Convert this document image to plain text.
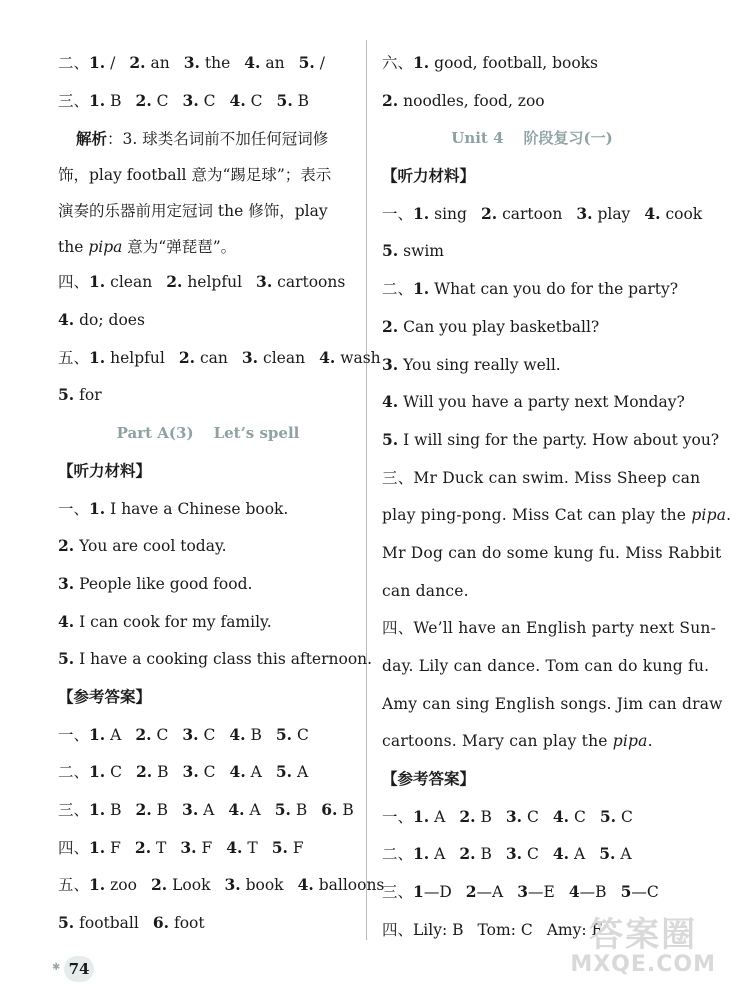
二、1. / 2. an 3. the 4. an 5. /
三、1. B 2. C 3. C 4. C 5. B
解析：3. 球类名词前不加任何冠词修
饰，play football 意为“踢足球”；表示
演奏的乐器前用定冠词 the 修饰，play
the pipa 意为“弹琵琶”。
四、1. clean 2. helpful 3. cartoons
4. do; does
五、1. helpful 2. can 3. clean 4. wash
5. for
Part A(3) Let’s spell
【听力材料】
一、1. I have a Chinese book.
2. You are cool today.
3. People like good food.
4. I can cook for my family.
5. I have a cooking class this afternoon.
【参考答案】
一、1. A 2. C 3. C 4. B 5. C
二、1. C 2. B 3. C 4. A 5. A
三、1. B 2. B 3. A 4. A 5. B 6. B
四、1. F 2. T 3. F 4. T 5. F
五、1. zoo 2. Look 3. book 4. balloons
5. football 6. foot
六、1. good, football, books
2. noodles, food, zoo
Unit 4 阶段复习(一)
【听力材料】
一、1. sing 2. cartoon 3. play 4. cook
5. swim
二、1. What can you do for the party?
2. Can you play basketball?
3. You sing really well.
4. Will you have a party next Monday?
5. I will sing for the party. How about you?
三、Mr Duck can swim. Miss Sheep can
play ping-pong. Miss Cat can play the pipa.
Mr Dog can do some kung fu. Miss Rabbit
can dance.
四、We’ll have an English party next Sun-
day. Lily can dance. Tom can do kung fu.
Amy can sing English songs. Jim can draw
cartoons. Mary can play the pipa.
【参考答案】
一、1. A 2. B 3. C 4. C 5. C
二、1. A 2. B 3. C 4. A 5. A
三、1—D 2—A 3—E 4—B 5—C
四、Lily: B Tom: C Amy: F
✱ 74
答案圈
MXQE.COM
